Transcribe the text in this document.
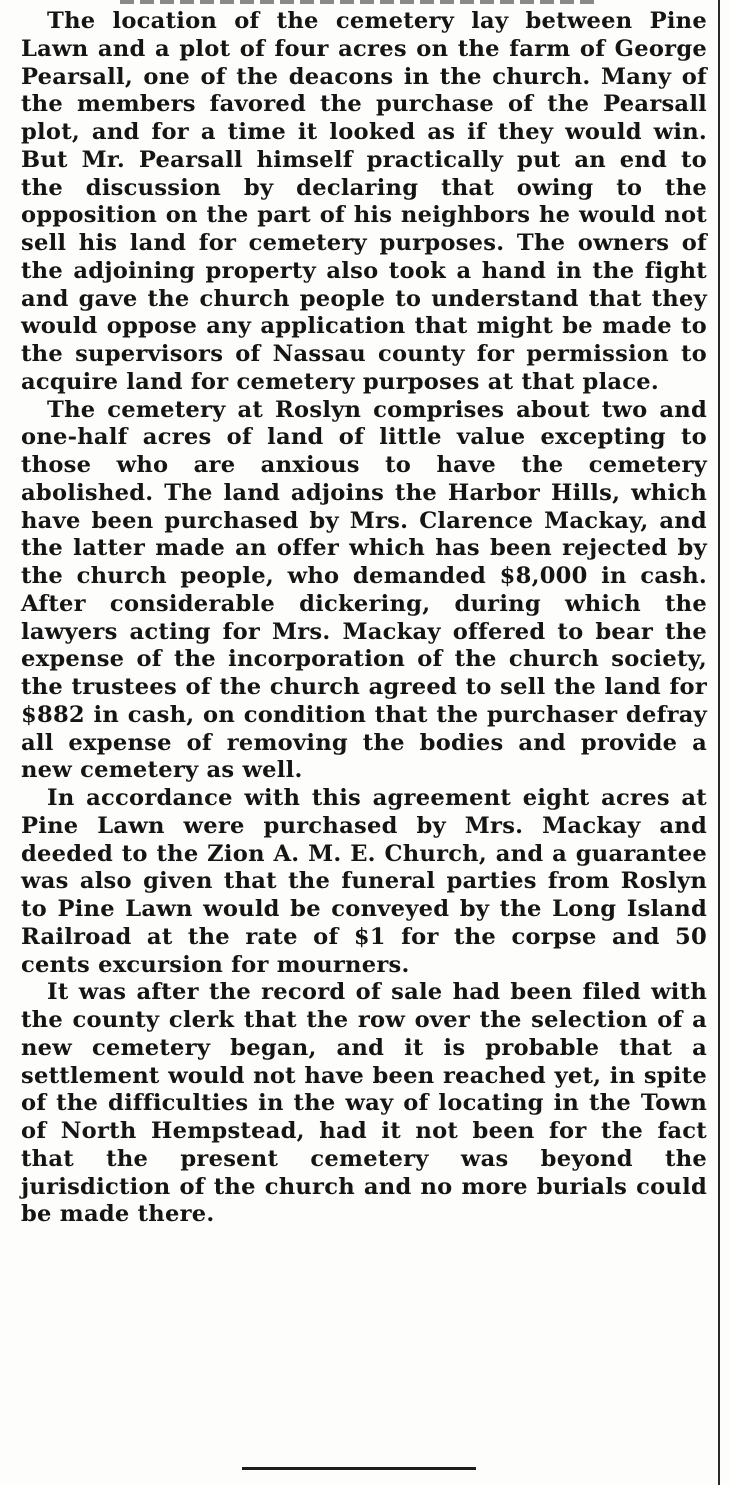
The location of the cemetery lay between Pine Lawn and a plot of four acres on the farm of George Pearsall, one of the deacons in the church. Many of the members favored the purchase of the Pearsall plot, and for a time it looked as if they would win. But Mr. Pearsall himself practically put an end to the discussion by declaring that owing to the opposition on the part of his neighbors he would not sell his land for cemetery purposes. The owners of the adjoining property also took a hand in the fight and gave the church people to understand that they would oppose any application that might be made to the supervisors of Nassau county for permission to acquire land for cemetery purposes at that place.

The cemetery at Roslyn comprises about two and one-half acres of land of little value excepting to those who are anxious to have the cemetery abolished. The land adjoins the Harbor Hills, which have been purchased by Mrs. Clarence Mackay, and the latter made an offer which has been rejected by the church people, who demanded $8,000 in cash. After considerable dickering, during which the lawyers acting for Mrs. Mackay offered to bear the expense of the incorporation of the church society, the trustees of the church agreed to sell the land for $882 in cash, on condition that the purchaser defray all expense of removing the bodies and provide a new cemetery as well.

In accordance with this agreement eight acres at Pine Lawn were purchased by Mrs. Mackay and deeded to the Zion A. M. E. Church, and a guarantee was also given that the funeral parties from Roslyn to Pine Lawn would be conveyed by the Long Island Railroad at the rate of $1 for the corpse and 50 cents excursion for mourners.

It was after the record of sale had been filed with the county clerk that the row over the selection of a new cemetery began, and it is probable that a settlement would not have been reached yet, in spite of the difficulties in the way of locating in the Town of North Hempstead, had it not been for the fact that the present cemetery was beyond the jurisdiction of the church and no more burials could be made there.
